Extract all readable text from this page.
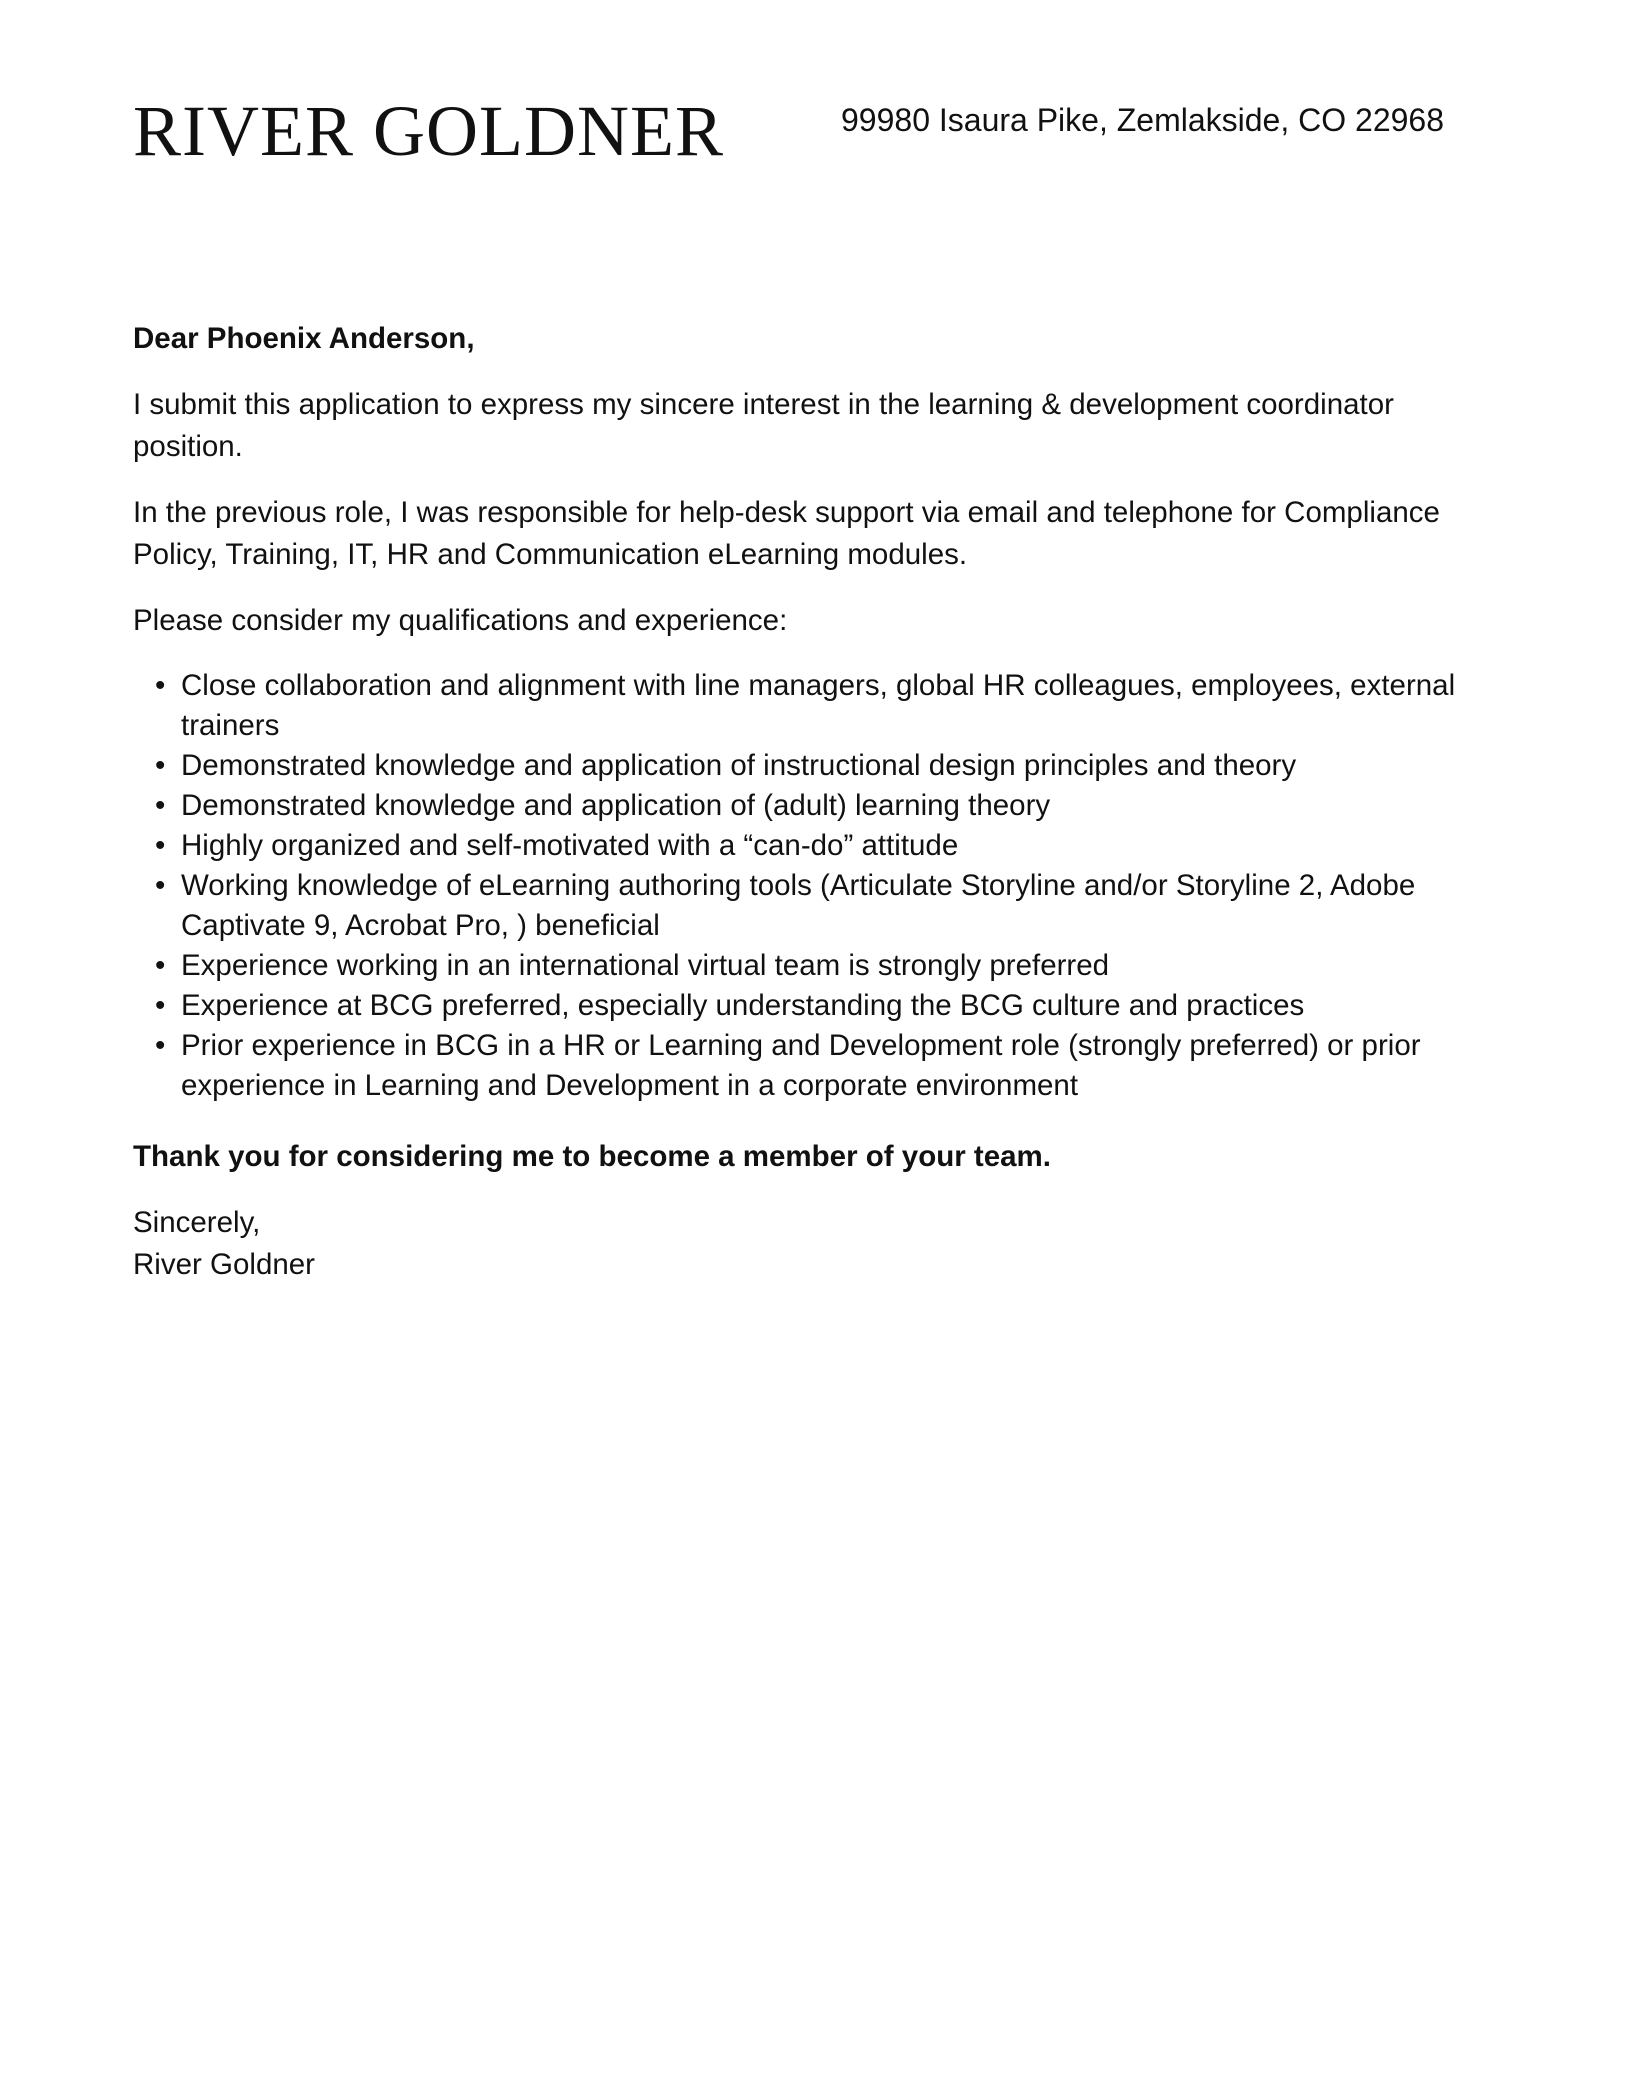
RIVER GOLDNER	99980 Isaura Pike, Zemlakside, CO 22968

Dear Phoenix Anderson,

I submit this application to express my sincere interest in the learning & development coordinator position.

In the previous role, I was responsible for help-desk support via email and telephone for Compliance Policy, Training, IT, HR and Communication eLearning modules.

Please consider my qualifications and experience:

• Close collaboration and alignment with line managers, global HR colleagues, employees, external trainers
• Demonstrated knowledge and application of instructional design principles and theory
• Demonstrated knowledge and application of (adult) learning theory
• Highly organized and self-motivated with a “can-do” attitude
• Working knowledge of eLearning authoring tools (Articulate Storyline and/or Storyline 2, Adobe Captivate 9, Acrobat Pro, ) beneficial
• Experience working in an international virtual team is strongly preferred
• Experience at BCG preferred, especially understanding the BCG culture and practices
• Prior experience in BCG in a HR or Learning and Development role (strongly preferred) or prior experience in Learning and Development in a corporate environment

Thank you for considering me to become a member of your team.

Sincerely,

River Goldner
